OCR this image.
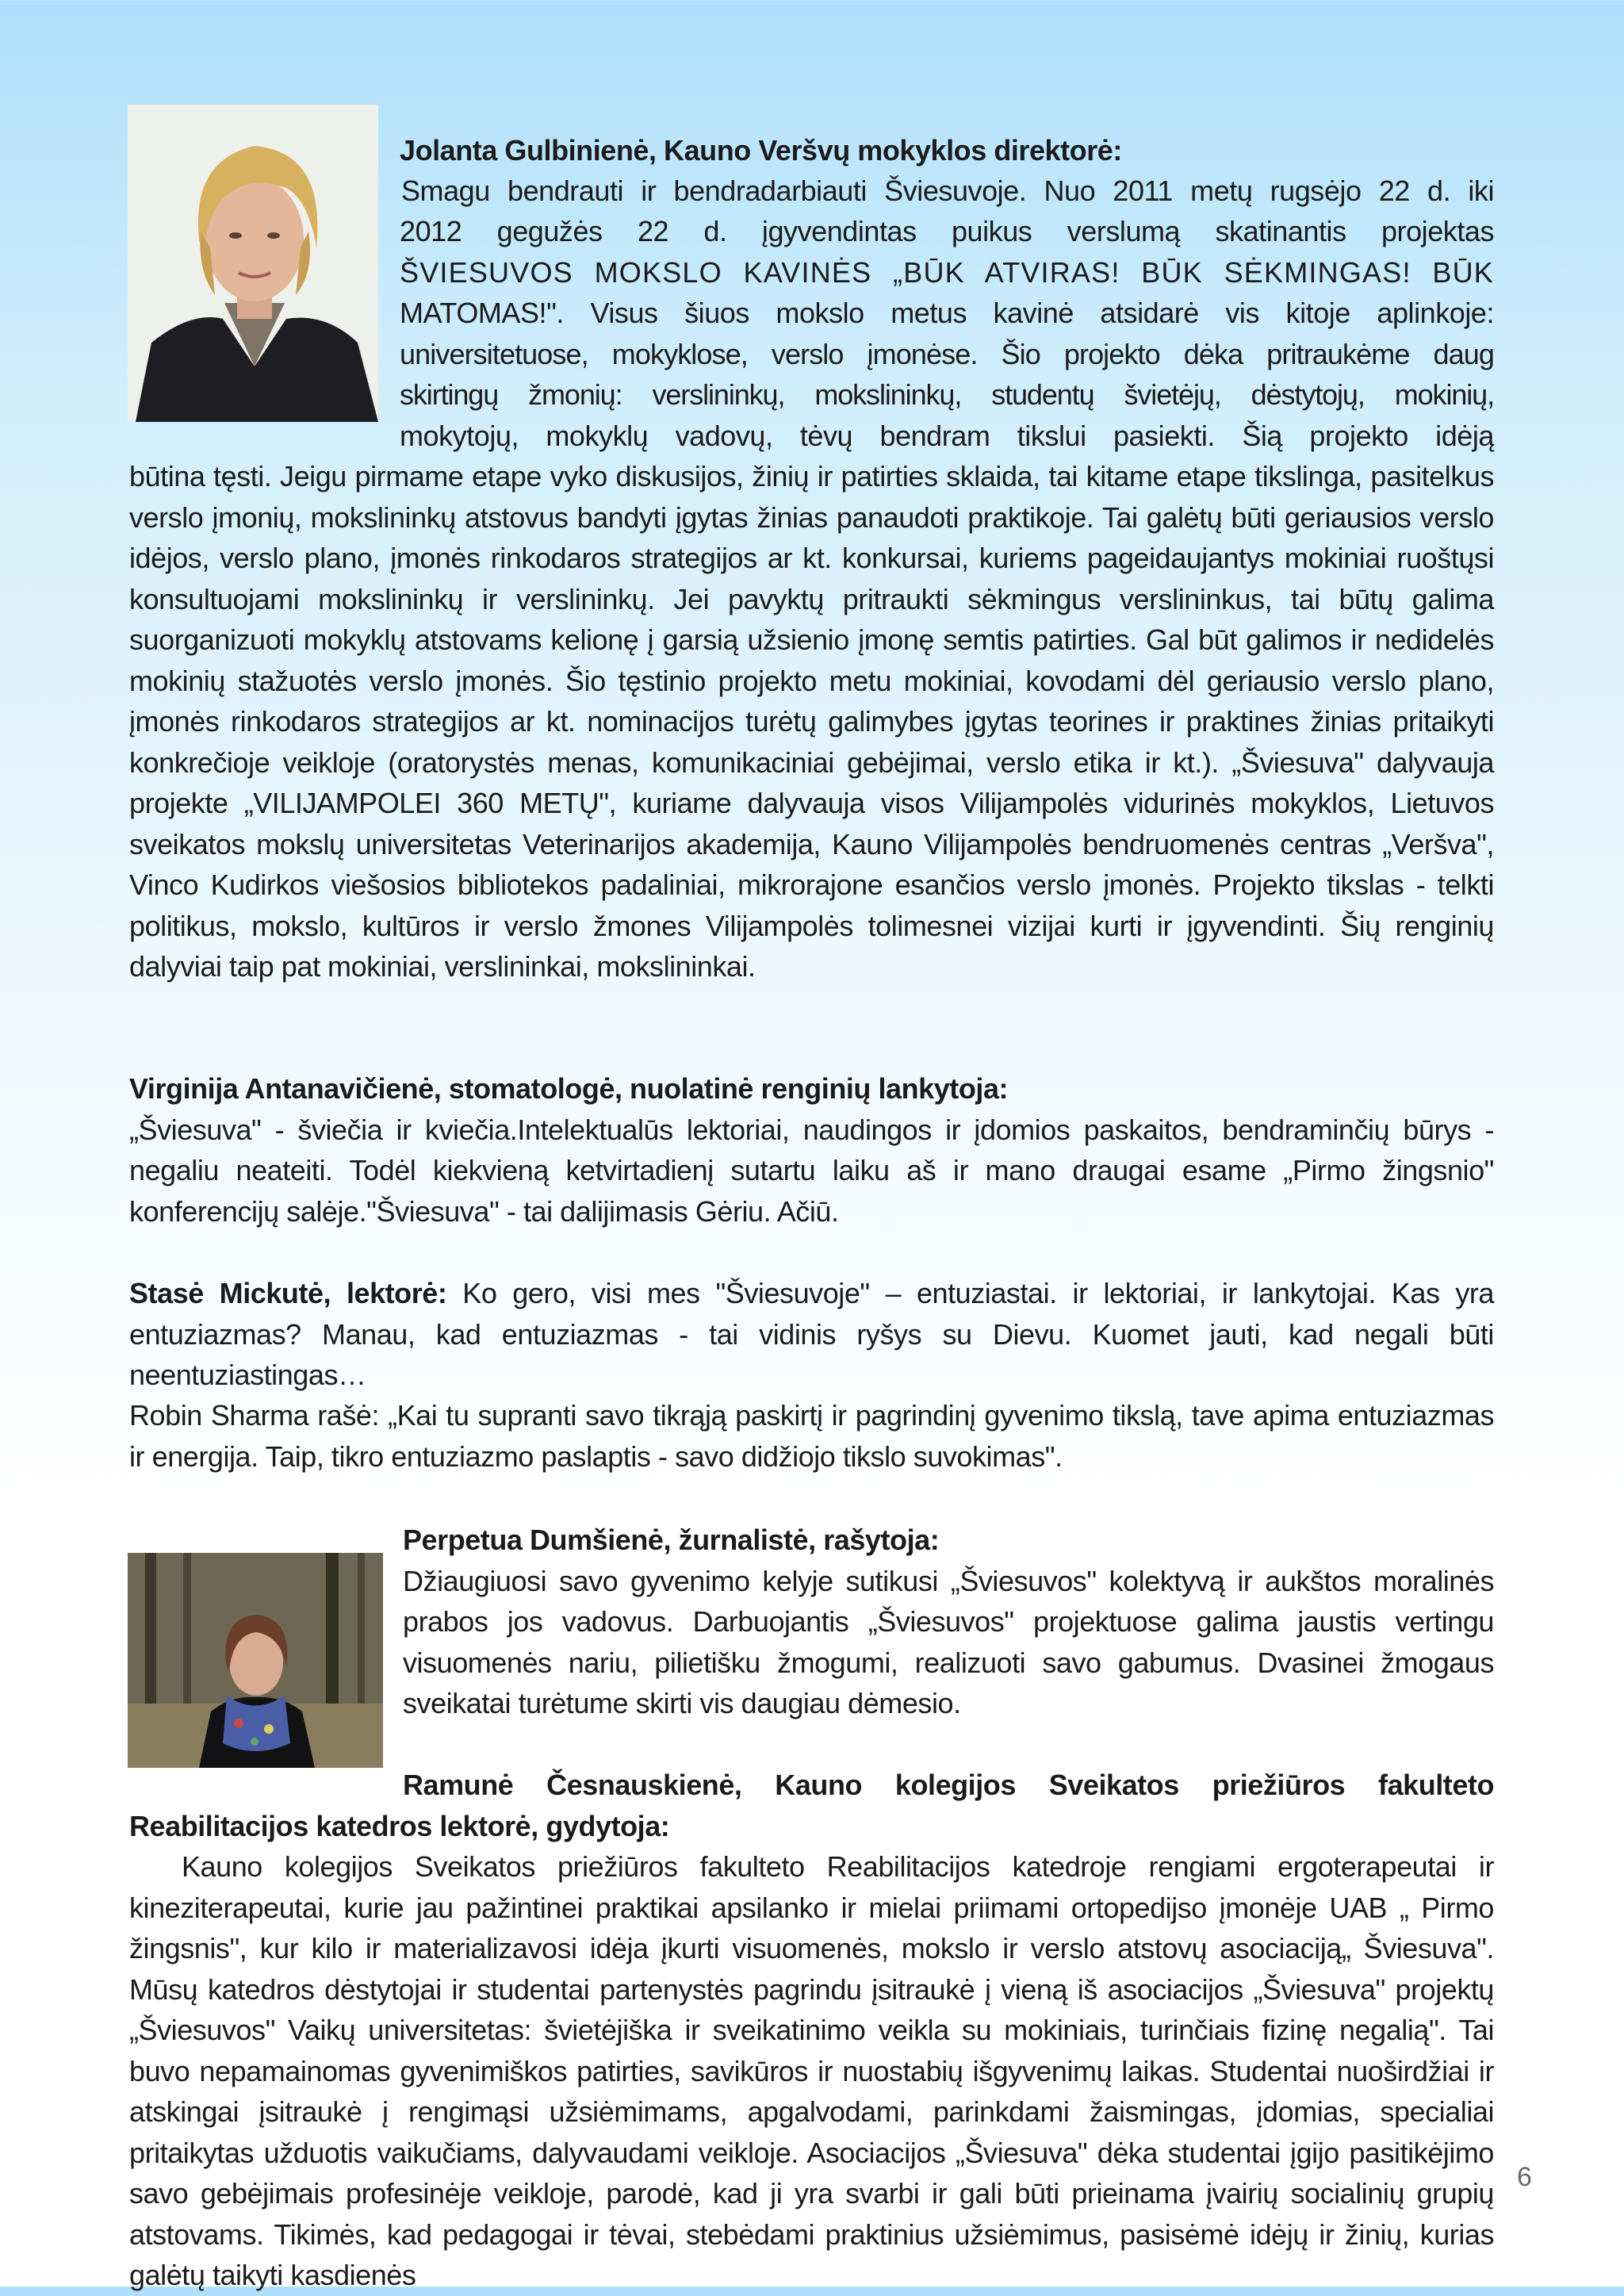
Jolanta Gulbinienė, Kauno Veršvų mokyklos direktorė:

Smagu bendrauti ir bendradarbiauti Šviesuvoje. Nuo 2011 metų rugsėjo 22 d. iki

2012 gegužės 22 d. įgyvendintas puikus verslumą skatinantis projektas

ŠVIESUVOS MOKSLO KAVINĖS „BŪK ATVIRAS! BŪK SĖKMINGAS! BŪK

MATOMAS!". Visus šiuos mokslo metus kavinė atsidarė vis kitoje aplinkoje:

universitetuose, mokyklose, verslo įmonėse. Šio projekto dėka pritraukėme daug

skirtingų žmonių: verslininkų, mokslininkų, studentų švietėjų, dėstytojų, mokinių,

mokytojų, mokyklų vadovų, tėvų bendram tikslui pasiekti. Šią projekto idėją

būtina tęsti. Jeigu pirmame etape vyko diskusijos, žinių ir patirties sklaida, tai kitame etape tikslinga, pasitelkus verslo įmonių, mokslininkų atstovus bandyti įgytas žinias panaudoti praktikoje. Tai galėtų būti geriausios verslo idėjos, verslo plano, įmonės rinkodaros strategijos ar kt. konkursai, kuriems pageidaujantys mokiniai ruoštųsi konsultuojami mokslininkų ir verslininkų. Jei pavyktų pritraukti sėkmingus verslininkus, tai būtų galima suorganizuoti mokyklų atstovams kelionę į garsią užsienio įmonę semtis patirties. Gal būt galimos ir nedidelės mokinių stažuotės verslo įmonės. Šio tęstinio projekto metu mokiniai, kovodami dėl geriausio verslo plano, įmonės rinkodaros strategijos ar kt. nominacijos turėtų galimybes įgytas teorines ir praktines žinias pritaikyti konkrečioje veikloje (oratorystės menas, komunikaciniai gebėjimai, verslo etika ir kt.). „Šviesuva" dalyvauja projekte „VILIJAMPOLEI 360 METŲ", kuriame dalyvauja visos Vilijampolės vidurinės mokyklos, Lietuvos sveikatos mokslų universitetas Veterinarijos akademija, Kauno Vilijampolės bendruomenės centras „Veršva", Vinco Kudirkos viešosios bibliotekos padaliniai, mikrorajone esančios verslo įmonės. Projekto tikslas - telkti politikus, mokslo, kultūros ir verslo žmones Vilijampolės tolimesnei vizijai kurti ir įgyvendinti. Šių renginių dalyviai taip pat mokiniai, verslininkai, mokslininkai.

Virginija Antanavičienė, stomatologė, nuolatinė renginių lankytoja:
„Šviesuva" - šviečia ir kviečia.Intelektualūs lektoriai, naudingos ir įdomios paskaitos, bendraminčių būrys - negaliu neateiti. Todėl kiekvieną ketvirtadienį sutartu laiku aš ir mano draugai esame „Pirmo žingsnio" konferencijų salėje."Šviesuva" - tai dalijimasis Gėriu. Ačiū.

Stasė Mickutė, lektorė: Ko gero, visi mes "Šviesuvoje" – entuziastai. ir lektoriai, ir lankytojai. Kas yra entuziazmas? Manau, kad entuziazmas - tai vidinis ryšys su Dievu. Kuomet jauti, kad negali būti neentuziastingas…

Robin Sharma rašė: „Kai tu supranti savo tikrąją paskirtį ir pagrindinį gyvenimo tikslą, tave apima entuziazmas ir energija. Taip, tikro entuziazmo paslaptis - savo didžiojo tikslo suvokimas".

Perpetua Dumšienė, žurnalistė, rašytoja:
Džiaugiuosi savo gyvenimo kelyje sutikusi „Šviesuvos" kolektyvą ir aukštos moralinės prabos jos vadovus. Darbuojantis „Šviesuvos" projektuose galima jaustis vertingu visuomenės nariu, pilietišku žmogumi, realizuoti savo gabumus. Dvasinei žmogaus sveikatai turėtume skirti vis daugiau dėmesio.

Ramunė Česnauskienė, Kauno kolegijos Sveikatos priežiūros fakulteto Reabilitacijos katedros lektorė, gydytoja:

Kauno kolegijos Sveikatos priežiūros fakulteto Reabilitacijos katedroje rengiami ergoterapeutai ir kineziterapeutai, kurie jau pažintinei praktikai apsilanko ir mielai priimami ortopedijso įmonėje UAB „ Pirmo žingsnis", kur kilo ir materializavosi idėja įkurti visuomenės, mokslo ir verslo atstovų asociaciją„ Šviesuva". Mūsų katedros dėstytojai ir studentai partenystės pagrindu įsitraukė į vieną iš asociacijos „Šviesuva" projektų „Šviesuvos" Vaikų universitetas: švietėjiška ir sveikatinimo veikla su mokiniais, turinčiais fizinę negalią". Tai buvo nepamainomas gyvenimiškos patirties, savikūros ir nuostabių išgyvenimų laikas. Studentai nuoširdžiai ir atskingai įsitraukė į rengimąsi užsiėmimams, apgalvodami, parinkdami žaismingas, įdomias, specialiai pritaikytas užduotis vaikučiams, dalyvaudami veikloje. Asociacijos „Šviesuva" dėka studentai įgijo pasitikėjimo savo gebėjimais profesinėje veikloje, parodė, kad ji yra svarbi ir gali būti prieinama įvairių socialinių grupių atstovams. Tikimės, kad pedagogai ir tėvai, stebėdami praktinius užsiėmimus, pasisėmė idėjų ir žinių, kurias galėtų taikyti kasdienės

6
